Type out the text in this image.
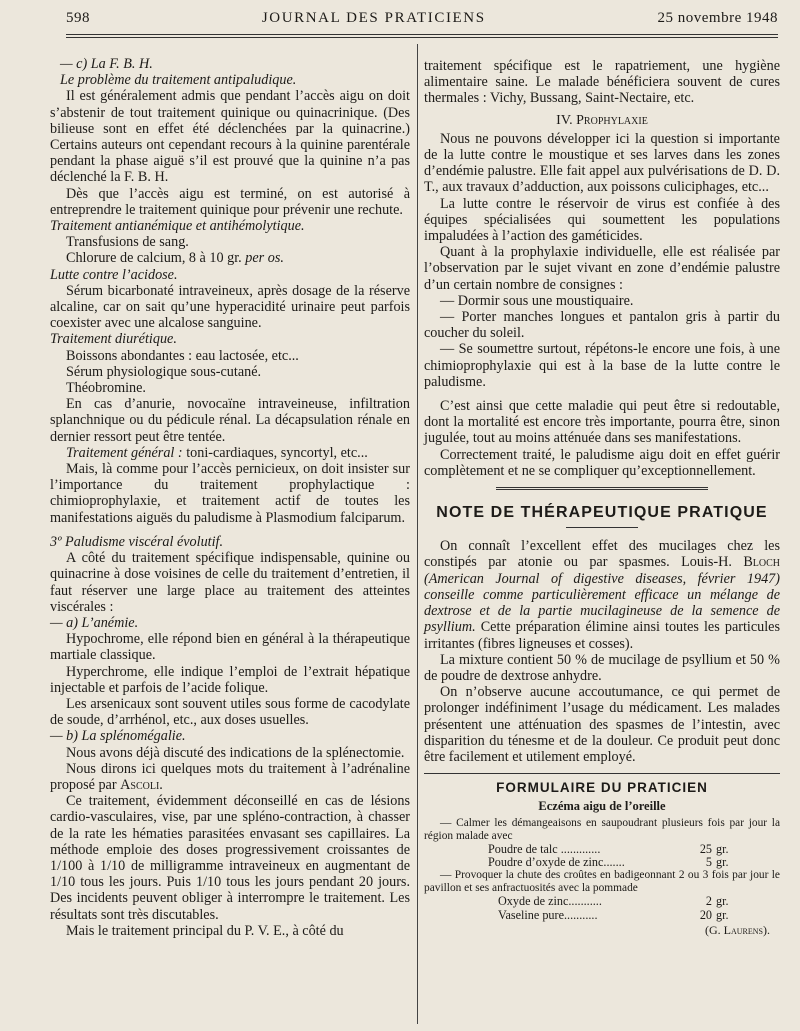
598	JOURNAL DES PRATICIENS	25 novembre 1948

— c) La F. B. H.

Le problème du traitement antipaludique.

Il est généralement admis que pendant l’accès aigu on doit s’abstenir de tout traitement quinique ou quinacrinique. (Des bilieuse sont en effet été déclenchées par la quinacrine.) Certains auteurs ont cependant recours à la quinine parentérale pendant la phase aiguë s’il est prouvé que la quinine n’a pas déclenché la F. B. H.

Dès que l’accès aigu est terminé, on est autorisé à entreprendre le traitement quinique pour prévenir une rechute.

Traitement antianémique et antihémolytique.

Transfusions de sang.

Chlorure de calcium, 8 à 10 gr. per os.

Lutte contre l’acidose.

Sérum bicarbonaté intraveineux, après dosage de la réserve alcaline, car on sait qu’une hyperacidité urinaire peut parfois coexister avec une alcalose sanguine.

Traitement diurétique.

Boissons abondantes : eau lactosée, etc...

Sérum physiologique sous-cutané.

Théobromine.

En cas d’anurie, novocaïne intraveineuse, infiltration splanchnique ou du pédicule rénal. La décapsulation rénale en dernier ressort peut être tentée.

Traitement général : toni-cardiaques, syncortyl, etc...

Mais, là comme pour l’accès pernicieux, on doit insister sur l’importance du traitement prophylactique : chimioprophylaxie, et traitement actif de toutes les manifestations aiguës du paludisme à Plasmodium falciparum.

3º Paludisme viscéral évolutif.

A côté du traitement spécifique indispensable, quinine ou quinacrine à dose voisines de celle du traitement d’entretien, il faut réserver une large place au traitement des atteintes viscérales :

— a) L’anémie.

Hypochrome, elle répond bien en général à la thérapeutique martiale classique.

Hyperchrome, elle indique l’emploi de l’extrait hépatique injectable et parfois de l’acide folique.

Les arsenicaux sont souvent utiles sous forme de cacodylate de soude, d’arrhénol, etc., aux doses usuelles.

— b) La splénomégalie.

Nous avons déjà discuté des indications de la splénectomie.

Nous dirons ici quelques mots du traitement à l’adrénaline proposé par Ascoli.

Ce traitement, évidemment déconseillé en cas de lésions cardio-vasculaires, vise, par une spléno-contraction, à chasser de la rate les hématies parasitées envasant ses capillaires. La méthode emploie des doses progressivement croissantes de 1/100 à 1/10 de milligramme intraveineux en augmentant de 1/10 tous les jours. Puis 1/10 tous les jours pendant 20 jours. Des incidents peuvent obliger à interrompre le traitement. Les résultats sont très discutables.

Mais le traitement principal du P. V. E., à côté du

traitement spécifique est le rapatriement, une hygiène alimentaire saine. Le malade bénéficiera souvent de cures thermales : Vichy, Bussang, Saint-Nectaire, etc.

IV. Prophylaxie

Nous ne pouvons développer ici la question si importante de la lutte contre le moustique et ses larves dans les zones d’endémie palustre. Elle fait appel aux pulvérisations de D. D. T., aux travaux d’adduction, aux poissons culiciphages, etc...

La lutte contre le réservoir de virus est confiée à des équipes spécialisées qui soumettent les populations impaludées à l’action des gaméticides.

Quant à la prophylaxie individuelle, elle est réalisée par l’observation par le sujet vivant en zone d’endémie palustre d’un certain nombre de consignes :

— Dormir sous une moustiquaire.

— Porter manches longues et pantalon gris à partir du coucher du soleil.

— Se soumettre surtout, répétons-le encore une fois, à une chimioprophylaxie qui est à la base de la lutte contre le paludisme.

C’est ainsi que cette maladie qui peut être si redoutable, dont la mortalité est encore très importante, pourra être, sinon jugulée, tout au moins atténuée dans ses manifestations.

Correctement traité, le paludisme aigu doit en effet guérir complètement et ne se compliquer qu’exceptionnellement.

NOTE DE THÉRAPEUTIQUE PRATIQUE

On connaît l’excellent effet des mucilages chez les constipés par atonie ou par spasmes. Louis-H. Bloch (American Journal of digestive diseases, février 1947) conseille comme particulièrement efficace un mélange de dextrose et de la partie mucilagineuse de la semence de psyllium. Cette préparation élimine ainsi toutes les particules irritantes (fibres ligneuses et cosses).

La mixture contient 50 % de mucilage de psyllium et 50 % de poudre de dextrose anhydre.

On n’observe aucune accoutumance, ce qui permet de prolonger indéfiniment l’usage du médicament. Les malades présentent une atténuation des spasmes de l’intestin, avec disparition du ténesme et de la douleur. Ce produit peut donc être facilement et utilement employé.

FORMULAIRE DU PRATICIEN

Eczéma aigu de l’oreille

— Calmer les démangeaisons en saupoudrant plusieurs fois par jour la région malade avec

Poudre de talc .............	25 gr.
Poudre d’oxyde de zinc.......	5 gr.

— Provoquer la chute des croûtes en badigeonnant 2 ou 3 fois par jour le pavillon et ses anfractuosités avec la pommade

Oxyde de zinc...........	2 gr.
Vaseline pure...........	20 gr.

(G. Laurens).
